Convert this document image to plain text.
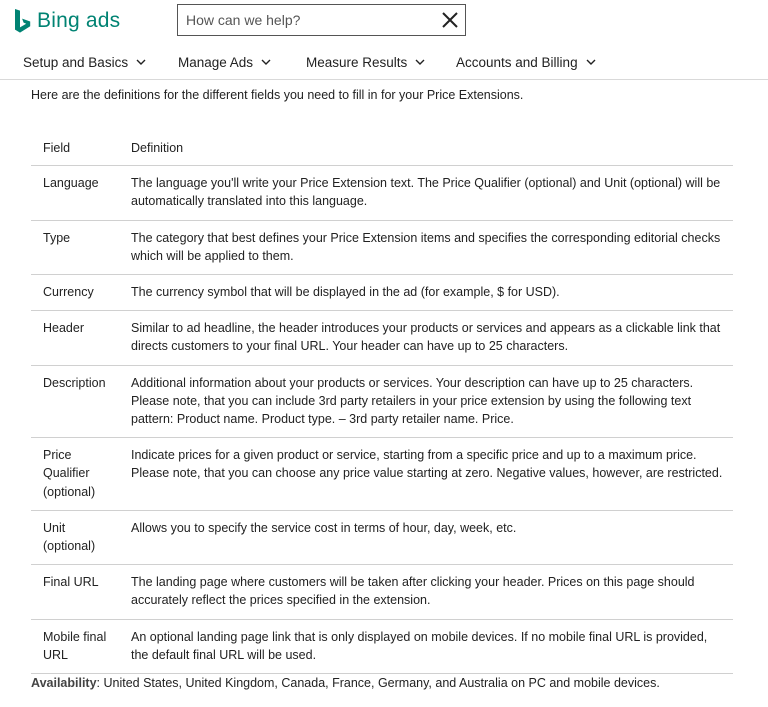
Bing ads
How can we help?
Setup and Basics	Manage Ads	Measure Results	Accounts and Billing
Here are the definitions for the different fields you need to fill in for your Price Extensions.
Field	Definition
Language	The language you'll write your Price Extension text. The Price Qualifier (optional) and Unit (optional) will be automatically translated into this language.
Type	The category that best defines your Price Extension items and specifies the corresponding editorial checks which will be applied to them.
Currency	The currency symbol that will be displayed in the ad (for example, $ for USD).
Header	Similar to ad headline, the header introduces your products or services and appears as a clickable link that directs customers to your final URL. Your header can have up to 25 characters.
Description	Additional information about your products or services. Your description can have up to 25 characters. Please note, that you can include 3rd party retailers in your price extension by using the following text pattern: Product name. Product type. – 3rd party retailer name. Price.
Price Qualifier (optional)	Indicate prices for a given product or service, starting from a specific price and up to a maximum price. Please note, that you can choose any price value starting at zero. Negative values, however, are restricted.
Unit (optional)	Allows you to specify the service cost in terms of hour, day, week, etc.
Final URL	The landing page where customers will be taken after clicking your header. Prices on this page should accurately reflect the prices specified in the extension.
Mobile final URL	An optional landing page link that is only displayed on mobile devices. If no mobile final URL is provided, the default final URL will be used.
Availability: United States, United Kingdom, Canada, France, Germany, and Australia on PC and mobile devices.
